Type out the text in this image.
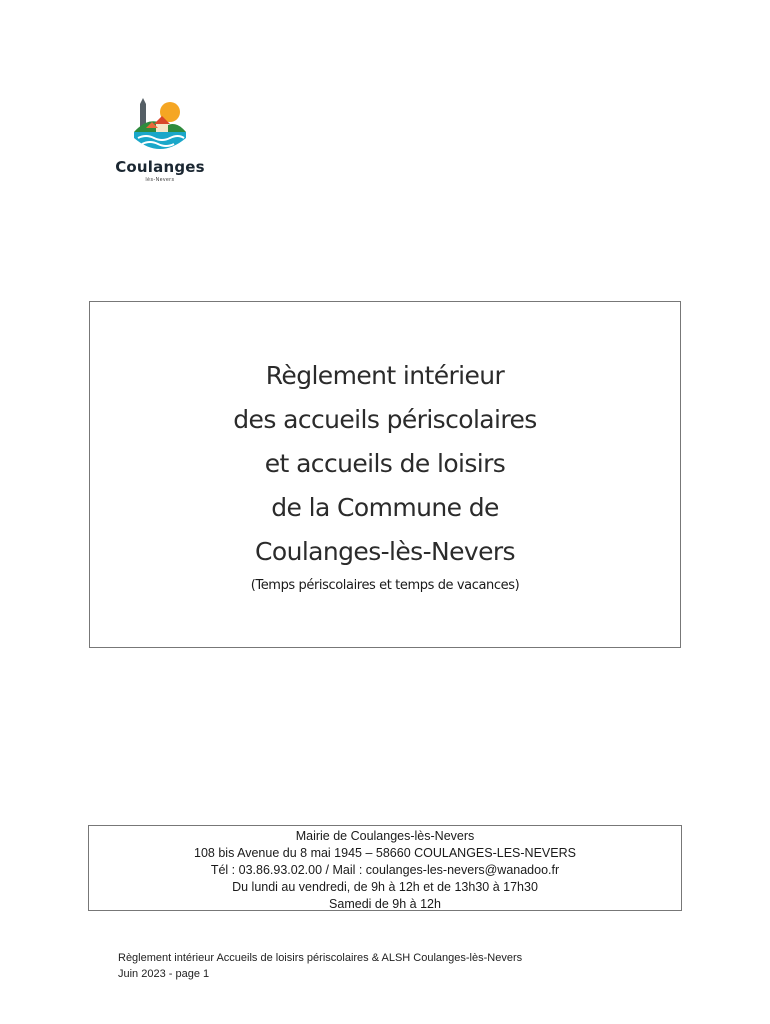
Coulanges
lès-Nevers
Règlement intérieur
des accueils périscolaires
et accueils de loisirs
de la Commune de
Coulanges-lès-Nevers
(Temps périscolaires et temps de vacances)
Mairie de Coulanges-lès-Nevers
108 bis Avenue du 8 mai 1945 – 58660 COULANGES-LES-NEVERS
Tél : 03.86.93.02.00 / Mail : coulanges-les-nevers@wanadoo.fr
Du lundi au vendredi, de 9h à 12h et de 13h30 à 17h30
Samedi de 9h à 12h
Règlement intérieur Accueils de loisirs périscolaires & ALSH Coulanges-lès-Nevers
Juin 2023 - page 1
